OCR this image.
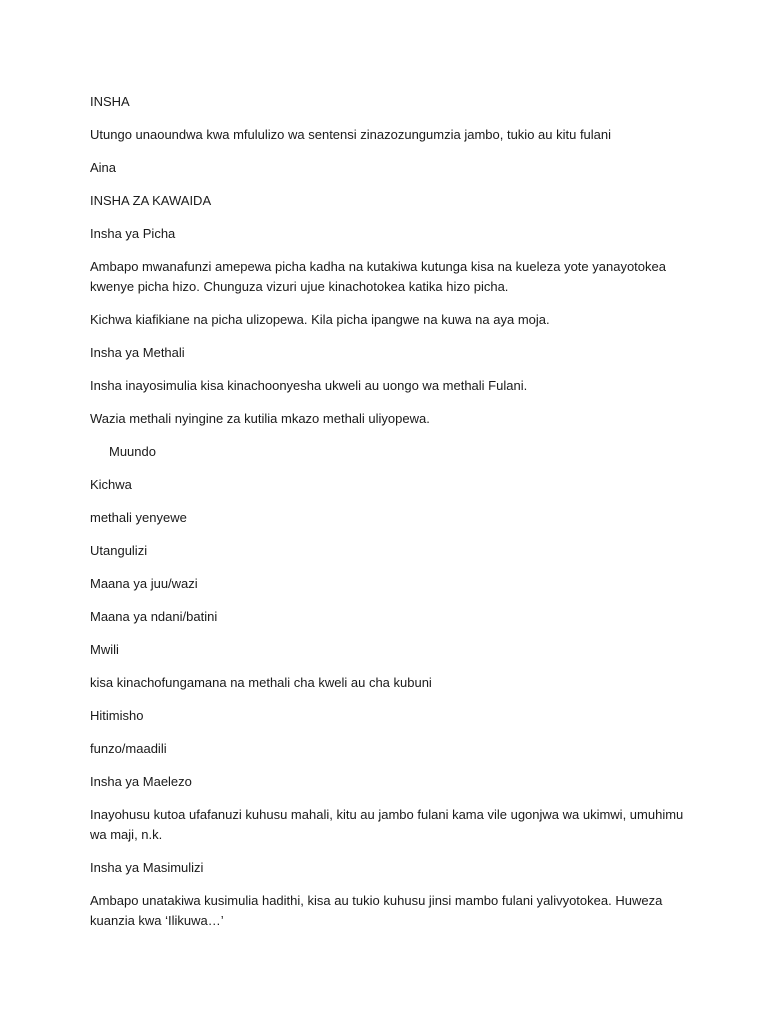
INSHA

Utungo unaoundwa kwa mfululizo wa sentensi zinazozungumzia jambo, tukio au kitu fulani

Aina

INSHA ZA KAWAIDA

Insha ya Picha

Ambapo mwanafunzi amepewa picha kadha na kutakiwa kutunga kisa na kueleza yote yanayotokea kwenye picha hizo. Chunguza vizuri ujue kinachotokea katika hizo picha.

Kichwa kiafikiane na picha ulizopewa. Kila picha ipangwe na kuwa na aya moja.

Insha ya Methali

Insha inayosimulia kisa kinachoonyesha ukweli au uongo wa methali Fulani.

Wazia methali nyingine za kutilia mkazo methali uliyopewa.

Muundo

Kichwa

methali yenyewe

Utangulizi

Maana ya juu/wazi

Maana ya ndani/batini

Mwili

kisa kinachofungamana na methali cha kweli au cha kubuni

Hitimisho

funzo/maadili

Insha ya Maelezo

Inayohusu kutoa ufafanuzi kuhusu mahali, kitu au jambo fulani kama vile ugonjwa wa ukimwi, umuhimu wa maji, n.k.

Insha ya Masimulizi

Ambapo unatakiwa kusimulia hadithi, kisa au tukio kuhusu jinsi mambo fulani yalivyotokea. Huweza kuanzia kwa ‘Ilikuwa…’
